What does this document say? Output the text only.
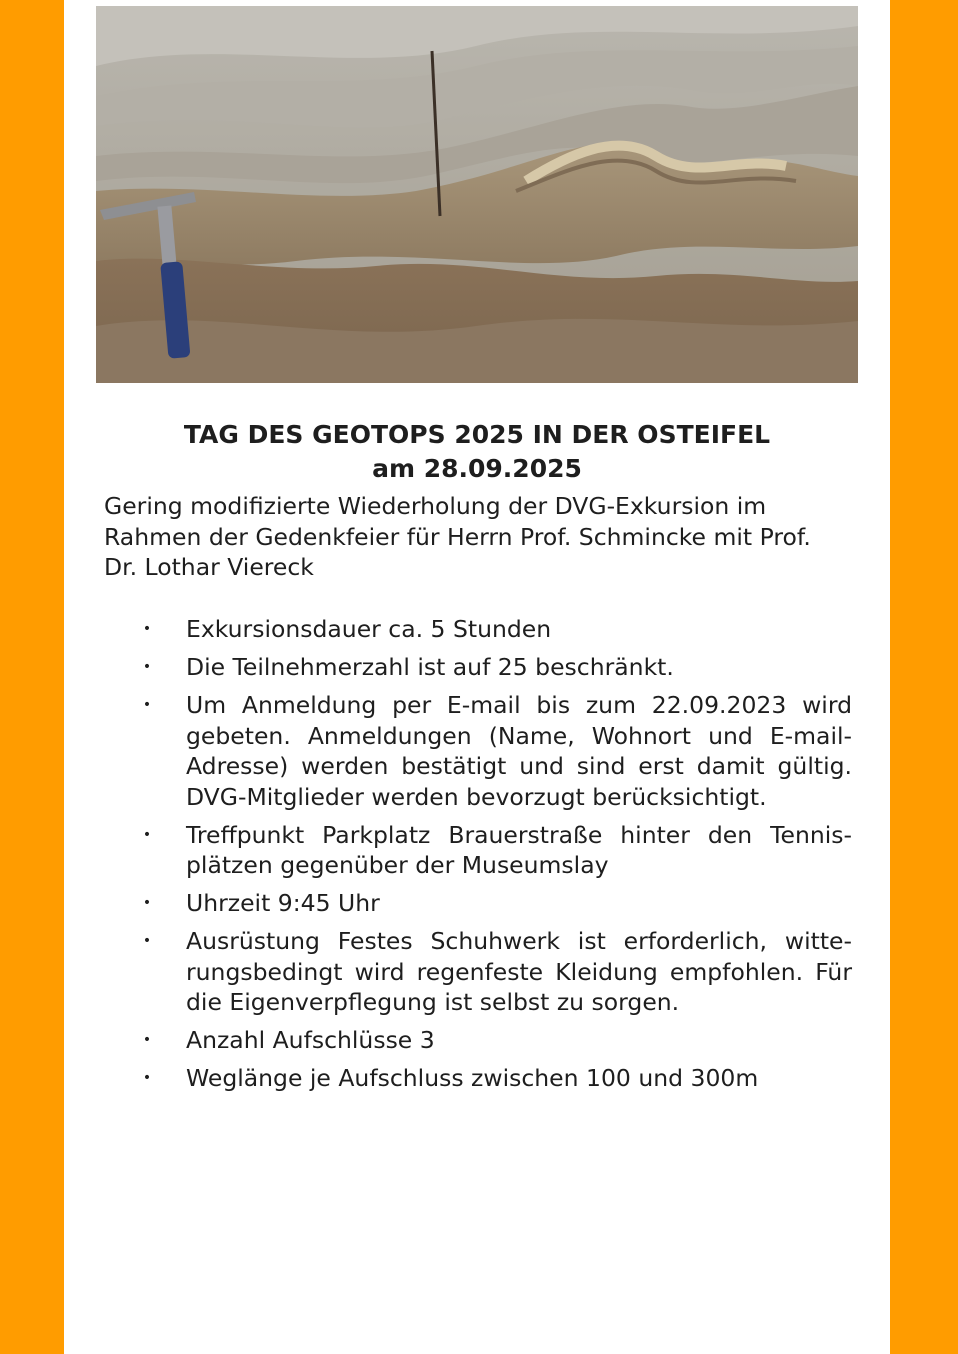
TAG DES GEOTOPS 2025 IN DER OSTEIFEL
am 28.09.2025
Gering modifizierte Wiederholung der DVG-Exkursion im Rahmen der Gedenkfeier für Herrn Prof. Schmincke mit Prof. Dr. Lothar Viereck
• Exkursionsdauer ca. 5 Stunden
• Die Teilnehmerzahl ist auf 25 beschränkt.
• Um Anmeldung per E-mail bis zum 22.09.2023 wird gebeten. Anmeldungen (Name, Wohnort und E-mail-Adresse) werden bestätigt und sind erst damit gültig. DVG-Mitglieder werden bevorzugt berücksichtigt.
• Treffpunkt Parkplatz Brauerstraße hinter den Tennisplätzen gegenüber der Museumslay
• Uhrzeit 9:45 Uhr
• Ausrüstung Festes Schuhwerk ist erforderlich, witterungsbedingt wird regenfeste Kleidung empfohlen. Für die Eigenverpflegung ist selbst zu sorgen.
• Anzahl Aufschlüsse 3
• Weglänge je Aufschluss zwischen 100 und 300m
